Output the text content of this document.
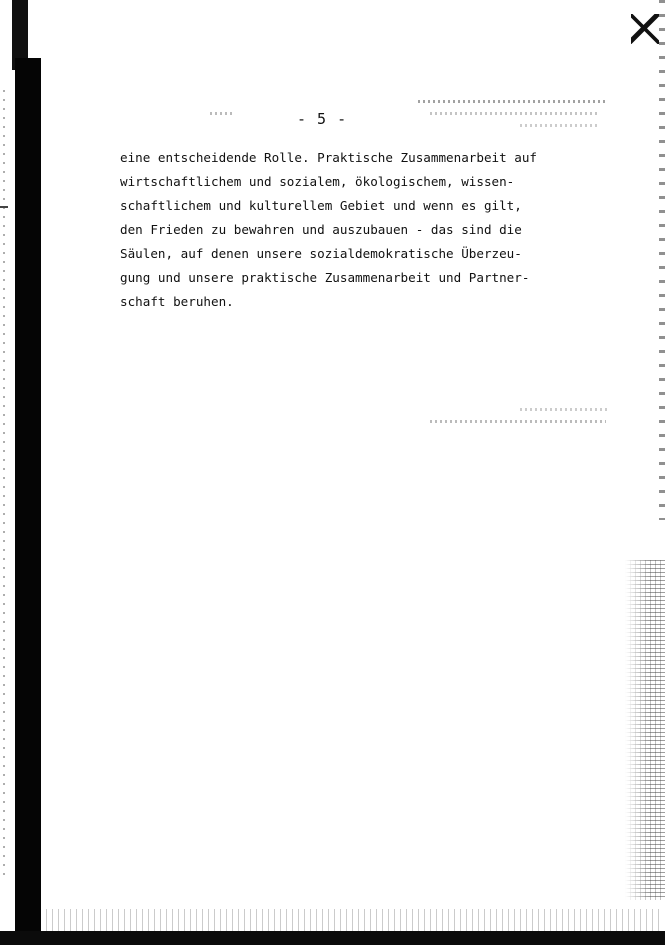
- 5 -

eine entscheidende Rolle. Praktische Zusammenarbeit auf
wirtschaftlichem und sozialem, ökologischem, wissen-
schaftlichem und kulturellem Gebiet und wenn es gilt,
den Frieden zu bewahren und auszubauen - das sind die
Säulen, auf denen unsere sozialdemokratische Überzeu-
gung und unsere praktische Zusammenarbeit und Partner-
schaft beruhen.
